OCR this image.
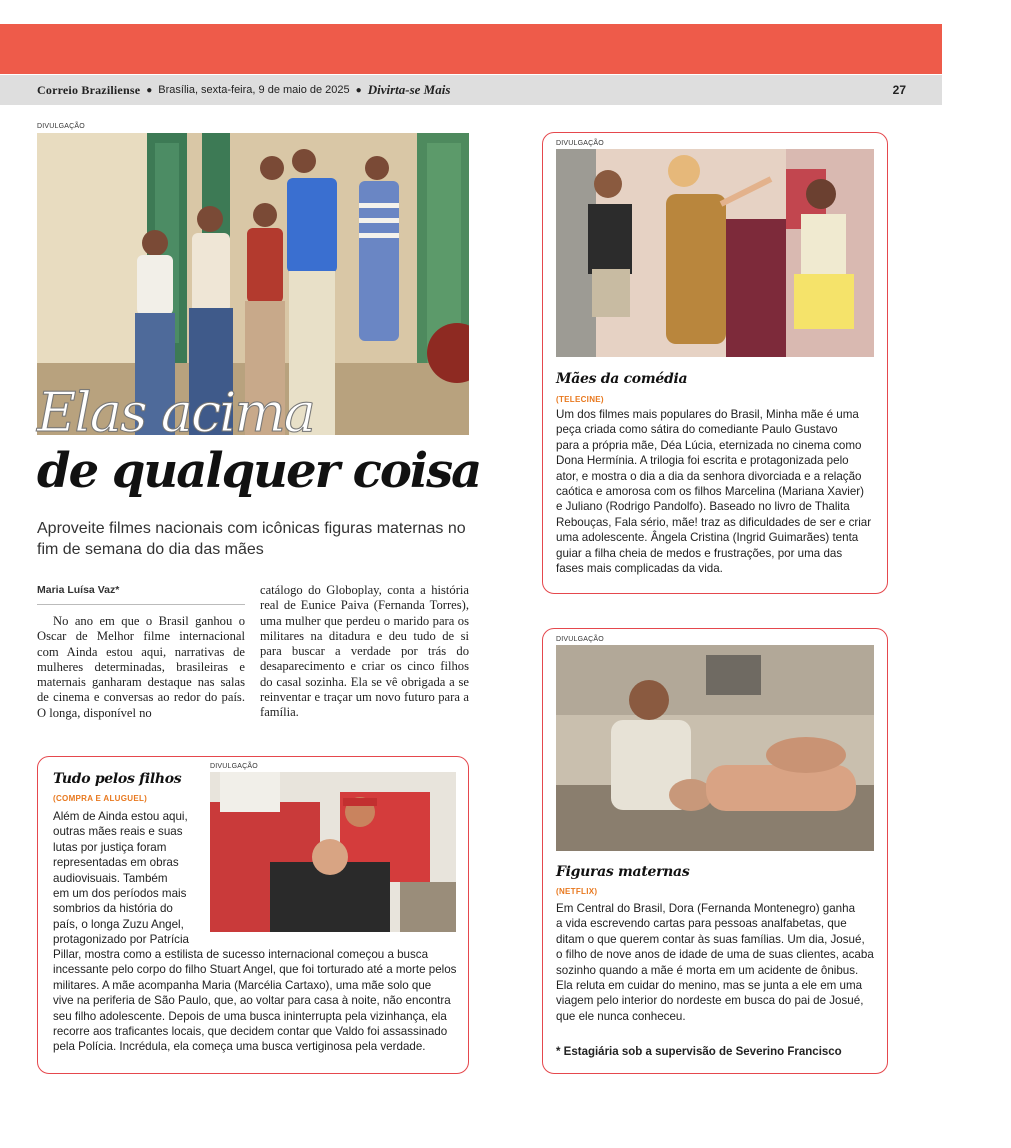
Correio Braziliense ● Brasília, sexta-feira, 9 de maio de 2025 ● Divirta-se Mais	27
DIVULGAÇÃO
Elas acima
de qualquer coisa
Aproveite filmes nacionais com icônicas figuras maternas no fim de semana do dia das mães
Maria Luísa Vaz*
No ano em que o Brasil ganhou o Oscar de Melhor filme internacional com Ainda estou aqui, narrativas de mulheres determinadas, brasileiras e maternais ganharam destaque nas salas de cinema e conversas ao redor do país. O longa, disponível no
catálogo do Globoplay, conta a história real de Eunice Paiva (Fernanda Torres), uma mulher que perdeu o marido para os militares na ditadura e deu tudo de si para buscar a verdade por trás do desaparecimento e criar os cinco filhos do casal sozinha. Ela se vê obrigada a se reinventar e traçar um novo futuro para a família.
Tudo pelos filhos
(COMPRA E ALUGUEL)
DIVULGAÇÃO
Além de Ainda estou aqui,
outras mães reais e suas
lutas por justiça foram
representadas em obras
audiovisuais. Também
em um dos períodos mais
sombrios da história do
país, o longa Zuzu Angel,
protagonizado por Patrícia
Pillar, mostra como a estilista de sucesso internacional começou a busca
incessante pelo corpo do filho Stuart Angel, que foi torturado até a morte pelos
militares. A mãe acompanha Maria (Marcélia Cartaxo), uma mãe solo que
vive na periferia de São Paulo, que, ao voltar para casa à noite, não encontra
seu filho adolescente. Depois de uma busca ininterrupta pela vizinhança, ela
recorre aos traficantes locais, que decidem contar que Valdo foi assassinado
pela Polícia. Incrédula, ela começa uma busca vertiginosa pela verdade.
DIVULGAÇÃO
Mães da comédia
(TELECINE)
Um dos filmes mais populares do Brasil, Minha mãe é uma
peça criada como sátira do comediante Paulo Gustavo
para a própria mãe, Déa Lúcia, eternizada no cinema como
Dona Hermínia. A trilogia foi escrita e protagonizada pelo
ator, e mostra o dia a dia da senhora divorciada e a relação
caótica e amorosa com os filhos Marcelina (Mariana Xavier)
e Juliano (Rodrigo Pandolfo). Baseado no livro de Thalita
Rebouças, Fala sério, mãe! traz as dificuldades de ser e criar
uma adolescente. Ângela Cristina (Ingrid Guimarães) tenta
guiar a filha cheia de medos e frustrações, por uma das
fases mais complicadas da vida.
DIVULGAÇÃO
Figuras maternas
(NETFLIX)
Em Central do Brasil, Dora (Fernanda Montenegro) ganha
a vida escrevendo cartas para pessoas analfabetas, que
ditam o que querem contar às suas famílias. Um dia, Josué,
o filho de nove anos de idade de uma de suas clientes, acaba
sozinho quando a mãe é morta em um acidente de ônibus.
Ela reluta em cuidar do menino, mas se junta a ele em uma
viagem pelo interior do nordeste em busca do pai de Josué,
que ele nunca conheceu.
* Estagiária sob a supervisão de Severino Francisco
